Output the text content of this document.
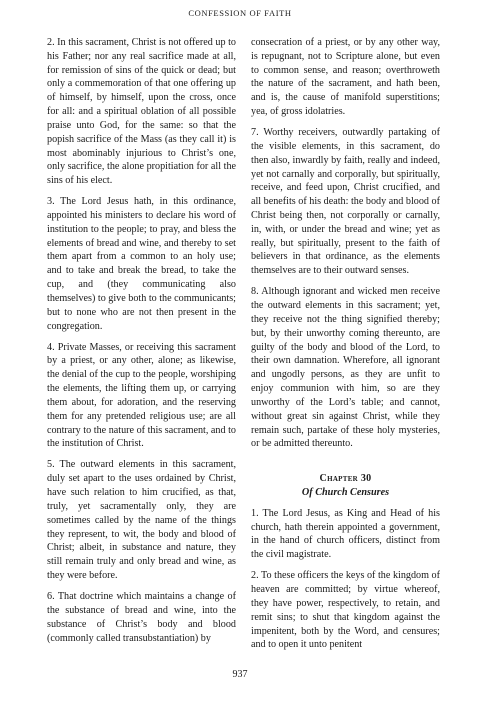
CONFESSION OF FAITH

2. In this sacrament, Christ is not offered up to his Father; nor any real sacrifice made at all, for remission of sins of the quick or dead; but only a commemoration of that one offering up of himself, by himself, upon the cross, once for all: and a spiritual oblation of all possible praise unto God, for the same: so that the popish sacrifice of the Mass (as they call it) is most abominably injurious to Christ’s one, only sacrifice, the alone propitiation for all the sins of his elect.

3. The Lord Jesus hath, in this ordinance, appointed his ministers to declare his word of institution to the people; to pray, and bless the elements of bread and wine, and thereby to set them apart from a common to an holy use; and to take and break the bread, to take the cup, and (they communicating also themselves) to give both to the communicants; but to none who are not then present in the congregation.

4. Private Masses, or receiving this sacrament by a priest, or any other, alone; as likewise, the denial of the cup to the people, worshiping the elements, the lifting them up, or carrying them about, for adoration, and the reserving them for any pretended religious use; are all contrary to the nature of this sacrament, and to the institution of Christ.

5. The outward elements in this sacrament, duly set apart to the uses ordained by Christ, have such relation to him crucified, as that, truly, yet sacramentally only, they are sometimes called by the name of the things they represent, to wit, the body and blood of Christ; albeit, in substance and nature, they still remain truly and only bread and wine, as they were before.

6. That doctrine which maintains a change of the substance of bread and wine, into the substance of Christ’s body and blood (commonly called transubstantiation) by

consecration of a priest, or by any other way, is repugnant, not to Scripture alone, but even to common sense, and reason; overthroweth the nature of the sacrament, and hath been, and is, the cause of manifold superstitions; yea, of gross idolatries.

7. Worthy receivers, outwardly partaking of the visible elements, in this sacrament, do then also, inwardly by faith, really and indeed, yet not carnally and corporally, but spiritually, receive, and feed upon, Christ crucified, and all benefits of his death: the body and blood of Christ being then, not corporally or carnally, in, with, or under the bread and wine; yet as really, but spiritually, present to the faith of believers in that ordinance, as the elements themselves are to their outward senses.

8. Although ignorant and wicked men receive the outward elements in this sacrament; yet, they receive not the thing signified thereby; but, by their unworthy coming thereunto, are guilty of the body and blood of the Lord, to their own damnation. Wherefore, all ignorant and ungodly persons, as they are unfit to enjoy communion with him, so are they unworthy of the Lord’s table; and cannot, without great sin against Christ, while they remain such, partake of these holy mysteries, or be admitted thereunto.

Chapter 30
Of Church Censures

1. The Lord Jesus, as King and Head of his church, hath therein appointed a government, in the hand of church officers, distinct from the civil magistrate.

2. To these officers the keys of the kingdom of heaven are committed; by virtue whereof, they have power, respectively, to retain, and remit sins; to shut that kingdom against the impenitent, both by the Word, and censures; and to open it unto penitent

937
